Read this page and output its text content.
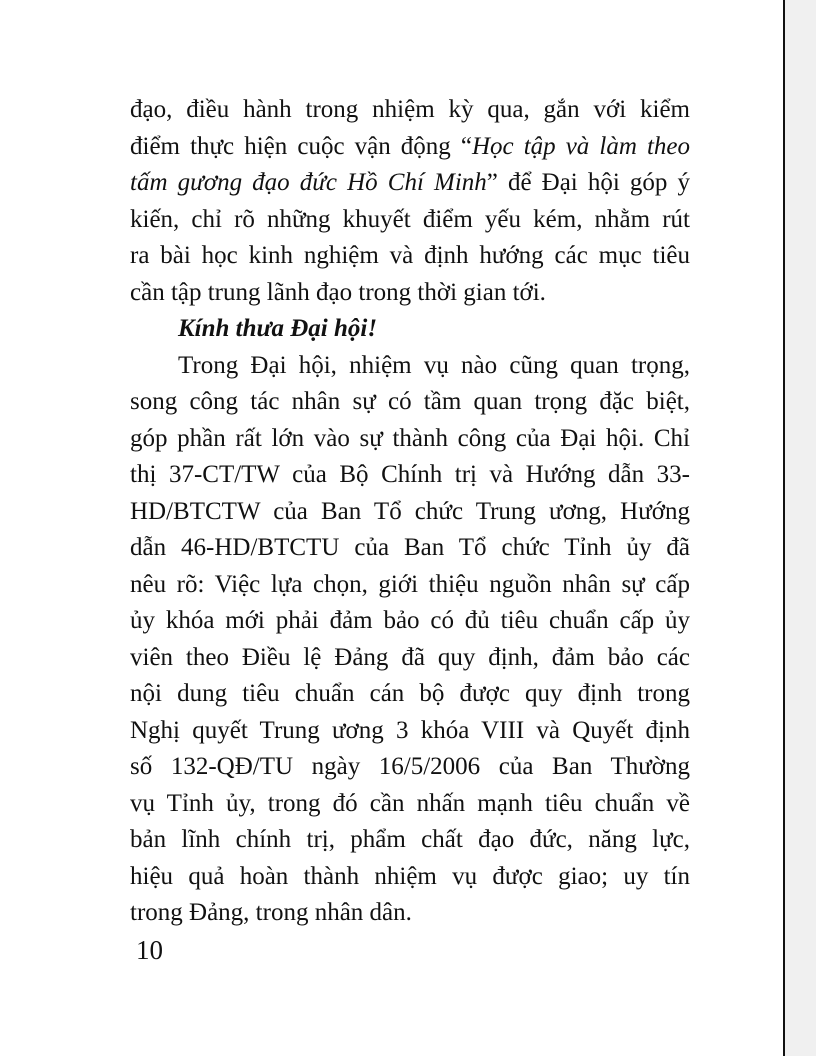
đạo, điều hành trong nhiệm kỳ qua, gắn với kiểm
điểm thực hiện cuộc vận động “Học tập và làm theo
tấm gương đạo đức Hồ Chí Minh” để Đại hội góp ý
kiến, chỉ rõ những khuyết điểm yếu kém, nhằm rút
ra bài học kinh nghiệm và định hướng các mục tiêu
cần tập trung lãnh đạo trong thời gian tới.
Kính thưa Đại hội!
Trong Đại hội, nhiệm vụ nào cũng quan trọng,
song công tác nhân sự có tầm quan trọng đặc biệt,
góp phần rất lớn vào sự thành công của Đại hội. Chỉ
thị 37-CT/TW của Bộ Chính trị và Hướng dẫn 33-
HD/BTCTW của Ban Tổ chức Trung ương, Hướng
dẫn 46-HD/BTCTU của Ban Tổ chức Tỉnh ủy đã
nêu rõ: Việc lựa chọn, giới thiệu nguồn nhân sự cấp
ủy khóa mới phải đảm bảo có đủ tiêu chuẩn cấp ủy
viên theo Điều lệ Đảng đã quy định, đảm bảo các
nội dung tiêu chuẩn cán bộ được quy định trong
Nghị quyết Trung ương 3 khóa VIII và Quyết định
số 132-QĐ/TU ngày 16/5/2006 của Ban Thường
vụ Tỉnh ủy, trong đó cần nhấn mạnh tiêu chuẩn về
bản lĩnh chính trị, phẩm chất đạo đức, năng lực,
hiệu quả hoàn thành nhiệm vụ được giao; uy tín
trong Đảng, trong nhân dân.
10
